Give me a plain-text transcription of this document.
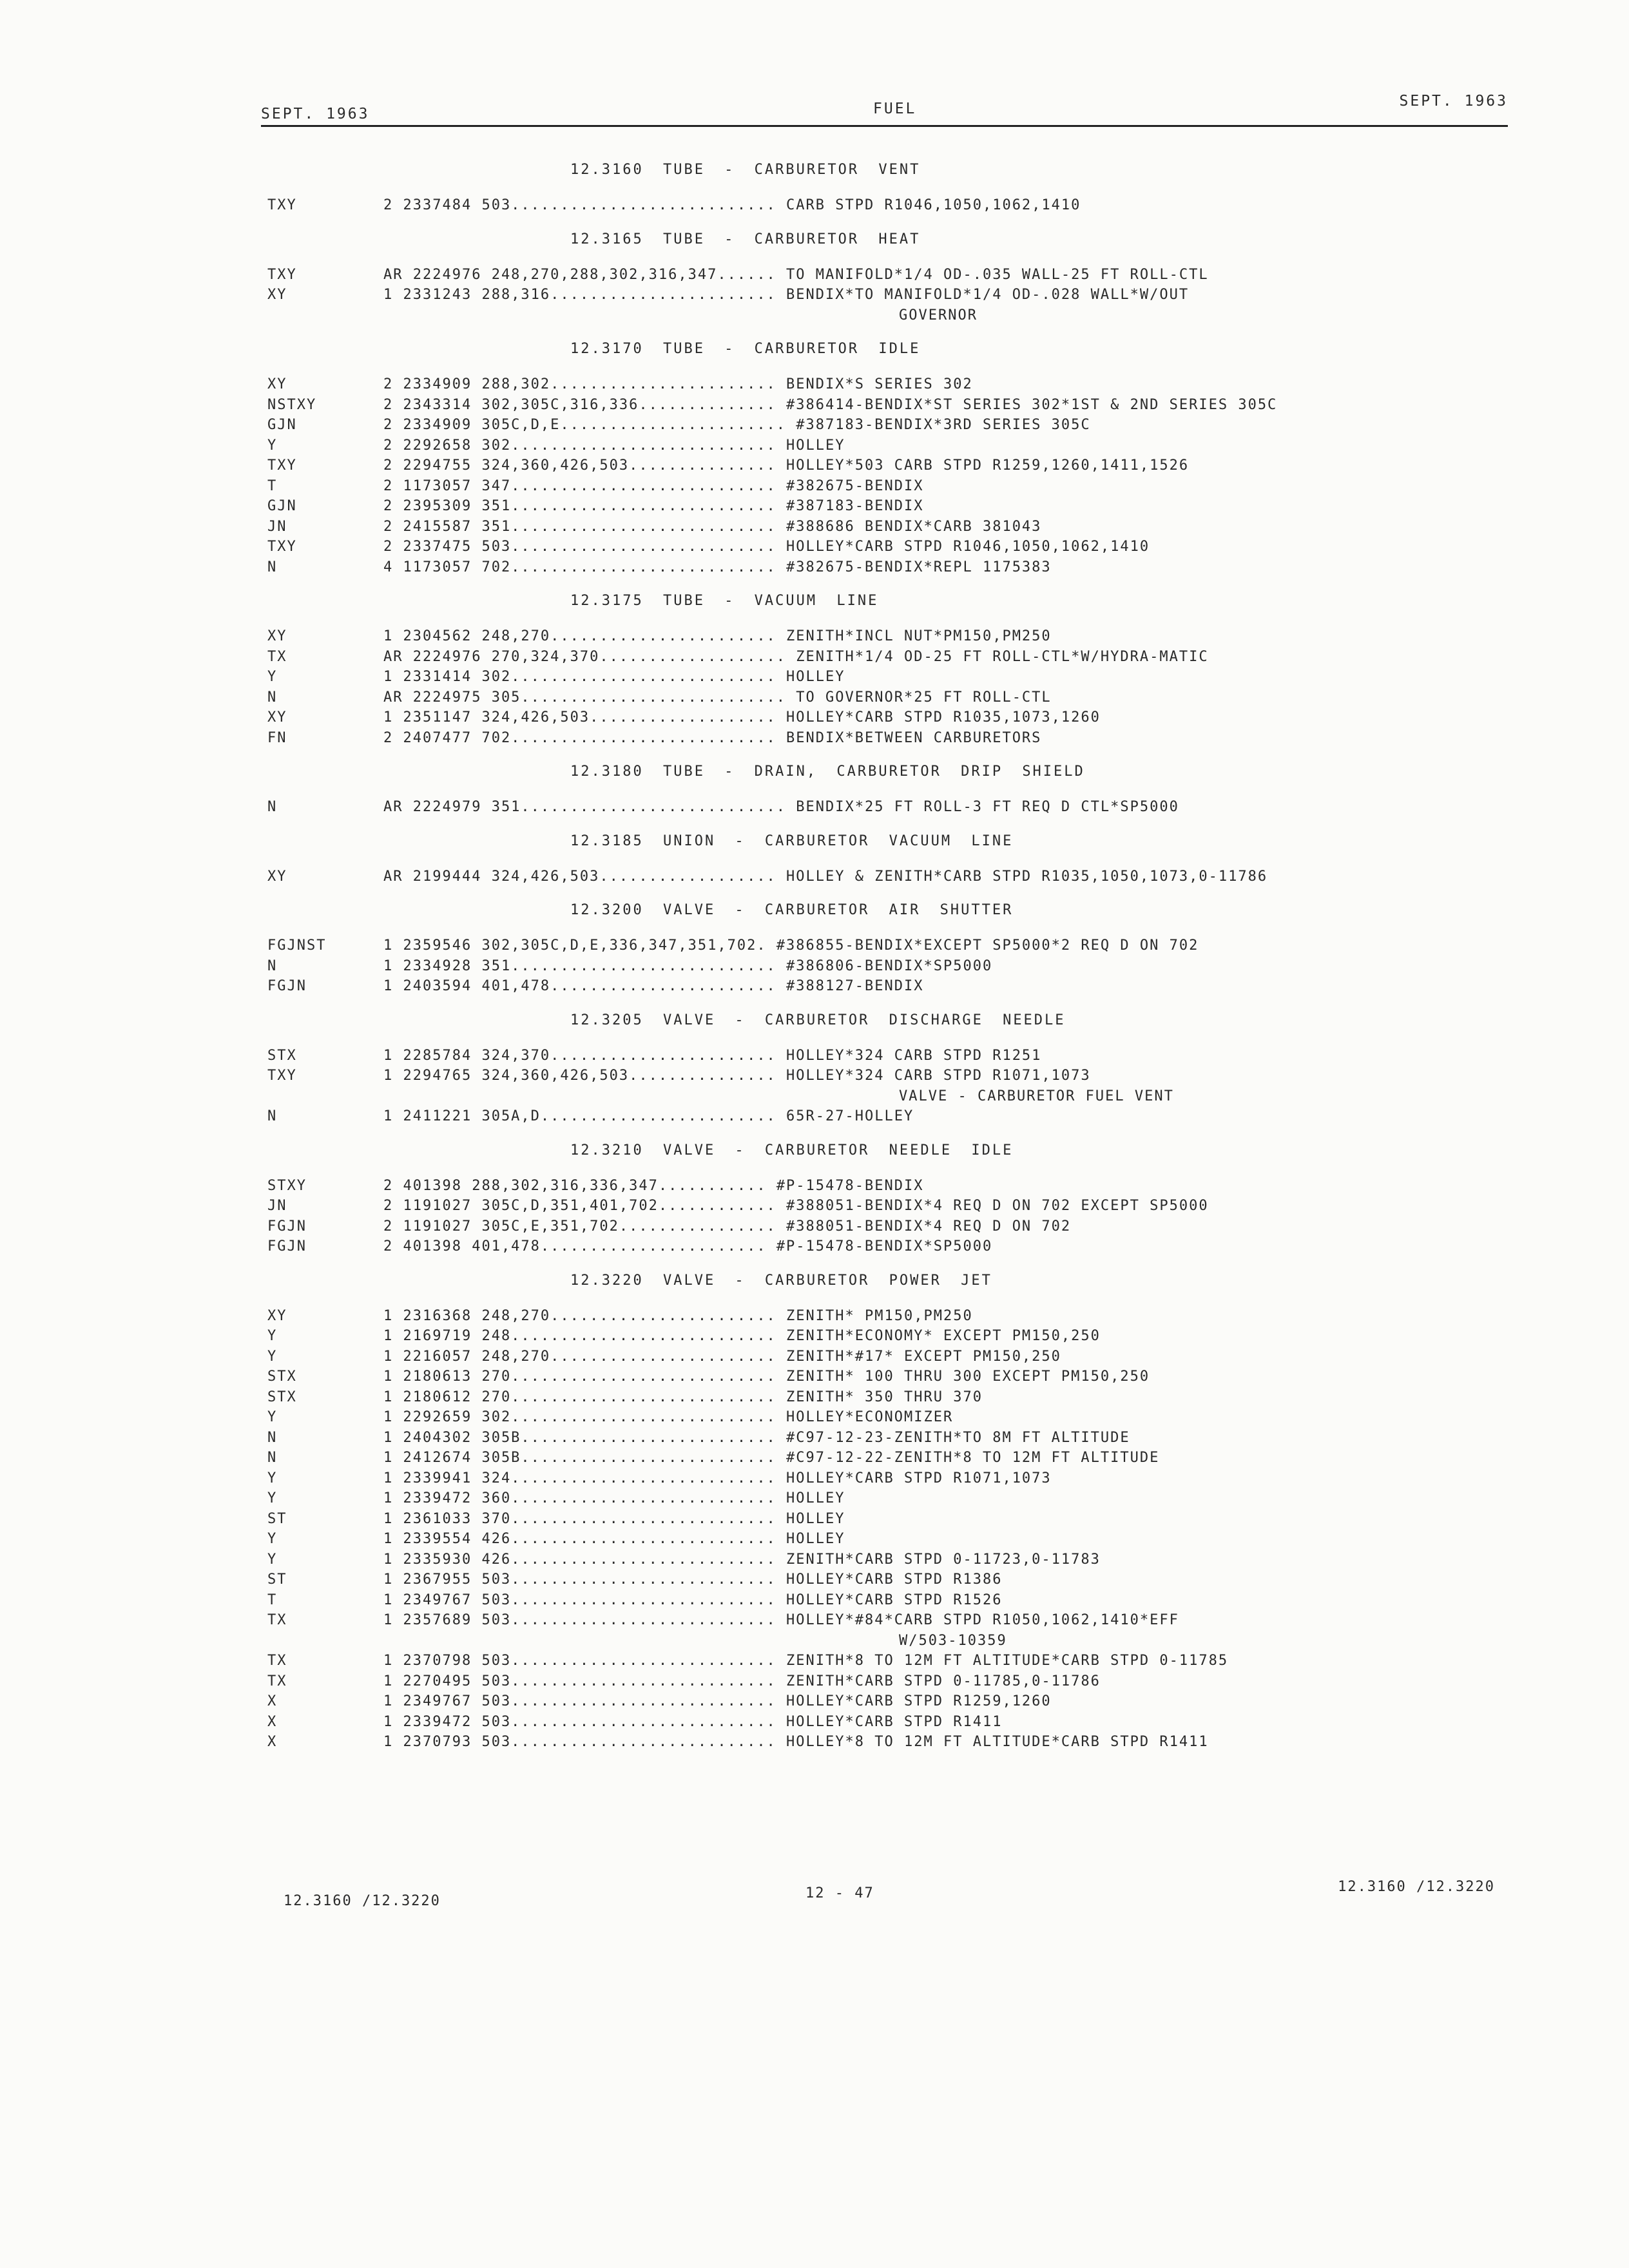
SEPT. 1963	FUEL	SEPT. 1963
12.3160 TUBE - CARBURETOR VENT
TXY	2 2337484 503........................... CARB STPD R1046,1050,1062,1410
12.3165 TUBE - CARBURETOR HEAT
TXY	AR 2224976 248,270,288,302,316,347...... TO MANIFOLD*1/4 OD-.035 WALL-25 FT ROLL-CTL
XY	1 2331243 288,316....................... BENDIX*TO MANIFOLD*1/4 OD-.028 WALL*W/OUT
GOVERNOR
12.3170 TUBE - CARBURETOR IDLE
XY	2 2334909 288,302....................... BENDIX*S SERIES 302
NSTXY	2 2343314 302,305C,316,336.............. #386414-BENDIX*ST SERIES 302*1ST & 2ND SERIES 305C
GJN	2 2334909 305C,D,E....................... #387183-BENDIX*3RD SERIES 305C
Y	2 2292658 302........................... HOLLEY
TXY	2 2294755 324,360,426,503............... HOLLEY*503 CARB STPD R1259,1260,1411,1526
T	2 1173057 347........................... #382675-BENDIX
GJN	2 2395309 351........................... #387183-BENDIX
JN	2 2415587 351........................... #388686 BENDIX*CARB 381043
TXY	2 2337475 503........................... HOLLEY*CARB STPD R1046,1050,1062,1410
N	4 1173057 702........................... #382675-BENDIX*REPL 1175383
12.3175 TUBE - VACUUM LINE
XY	1 2304562 248,270....................... ZENITH*INCL NUT*PM150,PM250
TX	AR 2224976 270,324,370................... ZENITH*1/4 OD-25 FT ROLL-CTL*W/HYDRA-MATIC
Y	1 2331414 302........................... HOLLEY
N	AR 2224975 305........................... TO GOVERNOR*25 FT ROLL-CTL
XY	1 2351147 324,426,503................... HOLLEY*CARB STPD R1035,1073,1260
FN	2 2407477 702........................... BENDIX*BETWEEN CARBURETORS
12.3180 TUBE - DRAIN, CARBURETOR DRIP SHIELD
N	AR 2224979 351........................... BENDIX*25 FT ROLL-3 FT REQ D CTL*SP5000
12.3185 UNION - CARBURETOR VACUUM LINE
XY	AR 2199444 324,426,503.................. HOLLEY & ZENITH*CARB STPD R1035,1050,1073,0-11786
12.3200 VALVE - CARBURETOR AIR SHUTTER
FGJNST	1 2359546 302,305C,D,E,336,347,351,702. #386855-BENDIX*EXCEPT SP5000*2 REQ D ON 702
N	1 2334928 351........................... #386806-BENDIX*SP5000
FGJN	1 2403594 401,478....................... #388127-BENDIX
12.3205 VALVE - CARBURETOR DISCHARGE NEEDLE
STX	1 2285784 324,370....................... HOLLEY*324 CARB STPD R1251
TXY	1 2294765 324,360,426,503............... HOLLEY*324 CARB STPD R1071,1073
VALVE - CARBURETOR FUEL VENT
N	1 2411221 305A,D........................ 65R-27-HOLLEY
12.3210 VALVE - CARBURETOR NEEDLE IDLE
STXY	2 401398 288,302,316,336,347........... #P-15478-BENDIX
JN	2 1191027 305C,D,351,401,702............ #388051-BENDIX*4 REQ D ON 702 EXCEPT SP5000
FGJN	2 1191027 305C,E,351,702................ #388051-BENDIX*4 REQ D ON 702
FGJN	2 401398 401,478....................... #P-15478-BENDIX*SP5000
12.3220 VALVE - CARBURETOR POWER JET
XY	1 2316368 248,270....................... ZENITH* PM150,PM250
Y	1 2169719 248........................... ZENITH*ECONOMY* EXCEPT PM150,250
Y	1 2216057 248,270....................... ZENITH*#17* EXCEPT PM150,250
STX	1 2180613 270........................... ZENITH* 100 THRU 300 EXCEPT PM150,250
STX	1 2180612 270........................... ZENITH* 350 THRU 370
Y	1 2292659 302........................... HOLLEY*ECONOMIZER
N	1 2404302 305B.......................... #C97-12-23-ZENITH*TO 8M FT ALTITUDE
N	1 2412674 305B.......................... #C97-12-22-ZENITH*8 TO 12M FT ALTITUDE
Y	1 2339941 324........................... HOLLEY*CARB STPD R1071,1073
Y	1 2339472 360........................... HOLLEY
ST	1 2361033 370........................... HOLLEY
Y	1 2339554 426........................... HOLLEY
Y	1 2335930 426........................... ZENITH*CARB STPD 0-11723,0-11783
ST	1 2367955 503........................... HOLLEY*CARB STPD R1386
T	1 2349767 503........................... HOLLEY*CARB STPD R1526
TX	1 2357689 503........................... HOLLEY*#84*CARB STPD R1050,1062,1410*EFF
W/503-10359
TX	1 2370798 503........................... ZENITH*8 TO 12M FT ALTITUDE*CARB STPD 0-11785
TX	1 2270495 503........................... ZENITH*CARB STPD 0-11785,0-11786
X	1 2349767 503........................... HOLLEY*CARB STPD R1259,1260
X	1 2339472 503........................... HOLLEY*CARB STPD R1411
X	1 2370793 503........................... HOLLEY*8 TO 12M FT ALTITUDE*CARB STPD R1411
12.3160 /12.3220	12 - 47	12.3160 /12.3220
